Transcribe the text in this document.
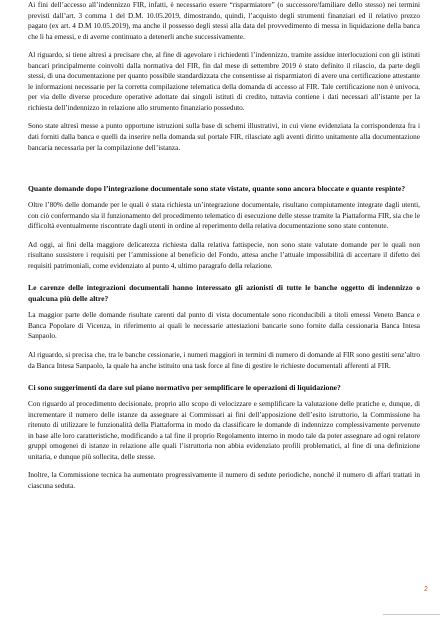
Ai fini dell’accesso all’indennizzo FIR, infatti, è necessario essere “risparmiatore” (o successore/familiare dello stesso) nei termini previsti dall’art. 3 comma 1 del D.M. 10.05.2019, dimostrando, quindi, l’acquisto degli strumenti finanziari ed il relativo prezzo pagato (ex art. 4 D.M 10.05.2019), ma anche il possesso degli stessi alla data del provvedimento di messa in liquidazione della banca che li ha emessi, e di averne continuato a detenerli anche successivamente.

Al riguardo, si tiene altresì a precisare che, al fine di agevolare i richiedenti l’indennizzo, tramite assidue interlocuzioni con gli istituti bancari principalmente coinvolti dalla normativa del FIR, fin dal mese di settembre 2019 è stato definito il rilascio, da parte degli stessi, di una documentazione per quanto possibile standardizzata che consentisse ai risparmiatori di avere una certificazione attestante le informazioni necessarie per la corretta compilazione telematica della domanda di accesso al FIR. Tale certificazione non è univoca, per via delle diverse procedure operative adottate dai singoli istituti di credito, tuttavia contiene i dati necessari all’istante per la richiesta dell’indennizzo in relazione allo strumento finanziario posseduto.

Sono state altresì messe a punto opportune istruzioni sulla base di schemi illustrativi, in cui viene evidenziata la corrispondenza fra i dati forniti dalla banca e quelli da inserire nella domanda sul portale FIR, rilasciate agli aventi diritto unitamente alla documentazione bancaria necessaria per la compilazione dell’istanza.

Quante domande dopo l’integrazione documentale sono state vistate, quante sono ancora bloccate e quante respinte?

Oltre l’80% delle domande per le quali è stata richiesta un’integrazione documentale, risultano compiutamente integrate dagli utenti, con ciò confermando sia il funzionamento del procedimento telematico di esecuzione delle stesse tramite la Piattaforma FIR, sia che le difficoltà eventualmente riscontrate dagli utenti in ordine al reperimento della relativa documentazione sono state contenute.

Ad oggi, ai fini della maggiore delicatezza richiesta dalla relativa fattispecie, non sono state valutate domande per le quali non risultano sussistere i requisiti per l’ammissione al beneficio del Fondo, attesa anche l’attuale impossibilità di accertare il difetto dei requisiti patrimoniali, come evidenziato al punto 4, ultimo paragrafo della relazione.

Le carenze delle integrazioni documentali hanno interessato gli azionisti di tutte le banche oggetto di indennizzo o qualcuna più delle altre?

La maggior parte delle domande risultate carenti dal punto di vista documentale sono riconducibili a titoli emessi Veneto Banca e Banca Popolare di Vicenza, in riferimento ai quali le necessarie attestazioni bancarie sono fornite dalla cessionaria Banca Intesa Sanpaolo.

Al riguardo, si precisa che, tra le banche cessionarie, i numeri maggiori in termini di numero di domande al FIR sono gestiti senz’altro da Banca Intesa Sanpaolo, la quale ha anche istituito una task force al fine di gestire le richieste documentali afferenti al FIR.

Ci sono suggerimenti da dare sul piano normativo per semplificare le operazioni di liquidazione?

Con riguardo al procedimento decisionale, proprio allo scopo di velocizzare e semplificare la valutazione delle pratiche e, dunque, di incrementare il numero delle istanze da assegnare ai Commissari ai fini dell’apposizione dell’esito istruttorio, la Commissione ha ritenuto di utilizzare le funzionalità della Piattaforma in modo da classificare le domande di indennizzo complessivamente pervenute in base alle loro caratteristiche, modificando a tal fine il proprio Regolamento interno in modo tale da poter assegnare ad ogni relatore gruppi omogenei di istanze in relazione alle quali l’istruttoria non abbia evidenziato profili problematici, al fine di una definizione unitaria, e dunque più sollecita, delle stesse.

Inoltre, la Commissione tecnica ha aumentato progressivamente il numero di sedute periodiche, nonché il numero di affari trattati in ciascuna seduta.

2
